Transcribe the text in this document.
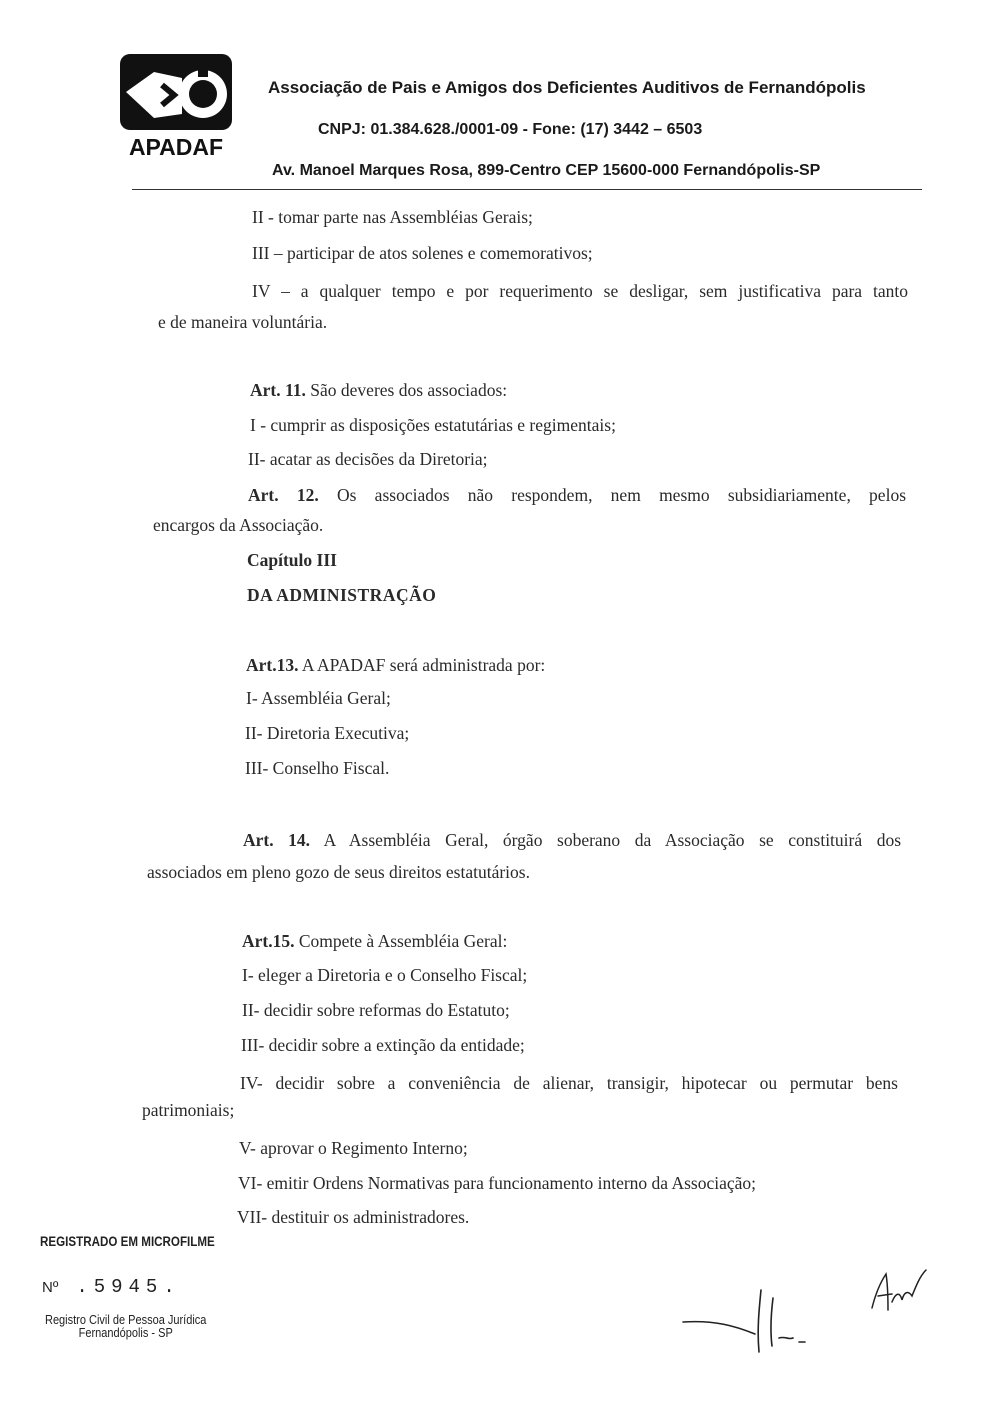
APADAF
Associação de Pais e Amigos dos Deficientes Auditivos de Fernandópolis
CNPJ: 01.384.628./0001-09 - Fone: (17) 3442 – 6503
Av. Manoel Marques Rosa, 899-Centro CEP 15600-000 Fernandópolis-SP
II - tomar parte nas Assembléias Gerais;
III – participar de atos solenes e comemorativos;
IV – a qualquer tempo e por requerimento se desligar, sem justificativa para tanto
e de maneira voluntária.
Art. 11. São deveres dos associados:
I - cumprir as disposições estatutárias e regimentais;
II- acatar as decisões da Diretoria;
Art. 12. Os associados não respondem, nem mesmo subsidiariamente, pelos
encargos da Associação.
Capítulo III
DA ADMINISTRAÇÃO
Art.13. A APADAF será administrada por:
I- Assembléia Geral;
II- Diretoria Executiva;
III- Conselho Fiscal.
Art. 14. A Assembléia Geral, órgão soberano da Associação se constituirá dos
associados em pleno gozo de seus direitos estatutários.
Art.15. Compete à Assembléia Geral:
I- eleger a Diretoria e o Conselho Fiscal;
II- decidir sobre reformas do Estatuto;
III- decidir sobre a extinção da entidade;
IV- decidir sobre a conveniência de alienar, transigir, hipotecar ou permutar bens
patrimoniais;
V- aprovar o Regimento Interno;
VI- emitir Ordens Normativas para funcionamento interno da Associação;
VII- destituir os administradores.
REGISTRADO EM MICROFILME
Nº .5945.
Registro Civil de Pessoa Jurídica
Fernandópolis - SP
